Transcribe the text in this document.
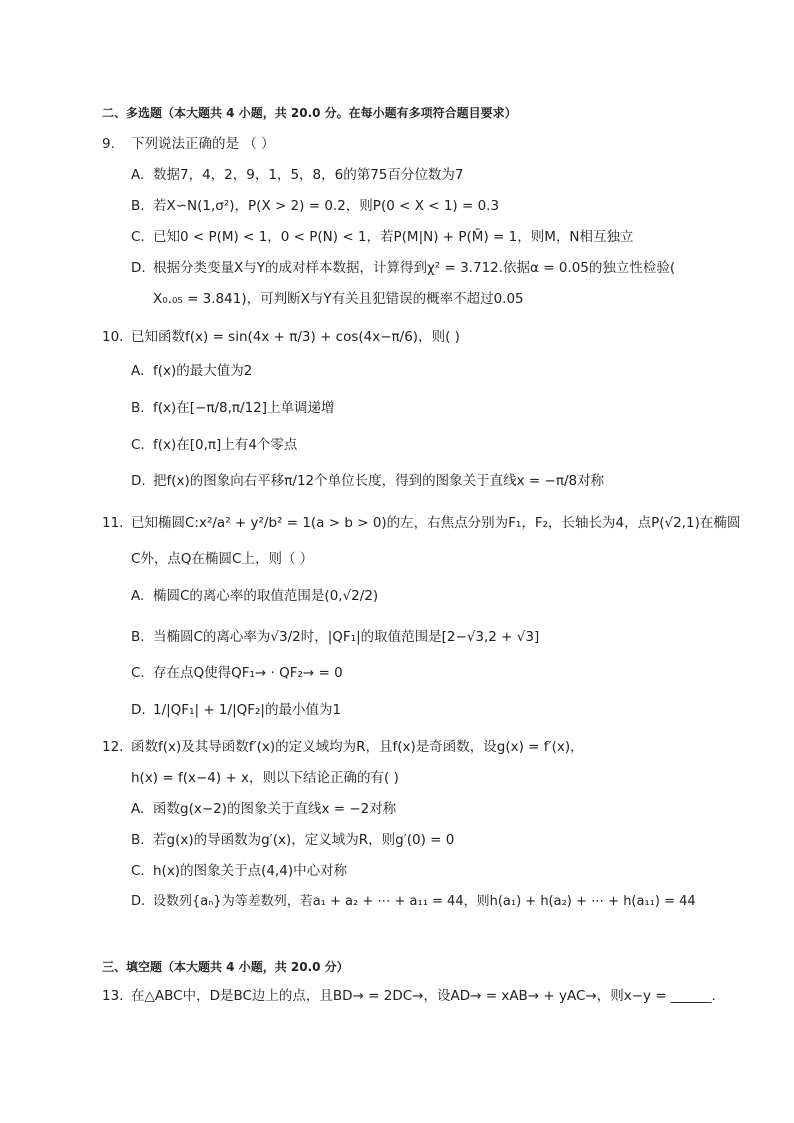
二、多选题（本大题共 4 小题，共 20.0 分。在每小题有多项符合题目要求）
9. 下列说法正确的是 （ ）
A. 数据7，4，2，9，1，5，8，6的第75百分位数为7
B. 若X∽N(1,σ²)，P(X > 2) = 0.2，则P(0 < X < 1) = 0.3
C. 已知0 < P(M) < 1，0 < P(N) < 1，若P(M|N) + P(M̄) = 1，则M，N相互独立
D. 根据分类变量X与Y的成对样本数据，计算得到χ² = 3.712.依据α = 0.05的独立性检验(
X₀.₀₅ = 3.841)，可判断X与Y有关且犯错误的概率不超过0.05
10. 已知函数f(x) = sin(4x + π/3) + cos(4x−π/6)，则( )
A. f(x)的最大值为2
B. f(x)在[−π/8,π/12]上单调递增
C. f(x)在[0,π]上有4个零点
D. 把f(x)的图象向右平移π/12个单位长度，得到的图象关于直线x = −π/8对称
11. 已知椭圆C:x²/a² + y²/b² = 1(a > b > 0)的左，右焦点分别为F₁，F₂，长轴长为4，点P(√2,1)在椭圆
C外，点Q在椭圆C上，则（ ）
A. 椭圆C的离心率的取值范围是(0,√2/2)
B. 当椭圆C的离心率为√3/2时，|QF₁|的取值范围是[2−√3,2 + √3]
C. 存在点Q使得QF₁→ · QF₂→ = 0
D. 1/|QF₁| + 1/|QF₂|的最小值为1
12. 函数f(x)及其导函数f′(x)的定义域均为R，且f(x)是奇函数，设g(x) = f′(x)，
h(x) = f(x−4) + x，则以下结论正确的有( )
A. 函数g(x−2)的图象关于直线x = −2对称
B. 若g(x)的导函数为g′(x)，定义域为R，则g′(0) = 0
C. h(x)的图象关于点(4,4)中心对称
D. 设数列{aₙ}为等差数列，若a₁ + a₂ + ⋯ + a₁₁ = 44，则h(a₁) + h(a₂) + ⋯ + h(a₁₁) = 44
三、填空题（本大题共 4 小题，共 20.0 分）
13. 在△ABC中，D是BC边上的点，且BD→ = 2DC→，设AD→ = xAB→ + yAC→，则x−y = ______.
